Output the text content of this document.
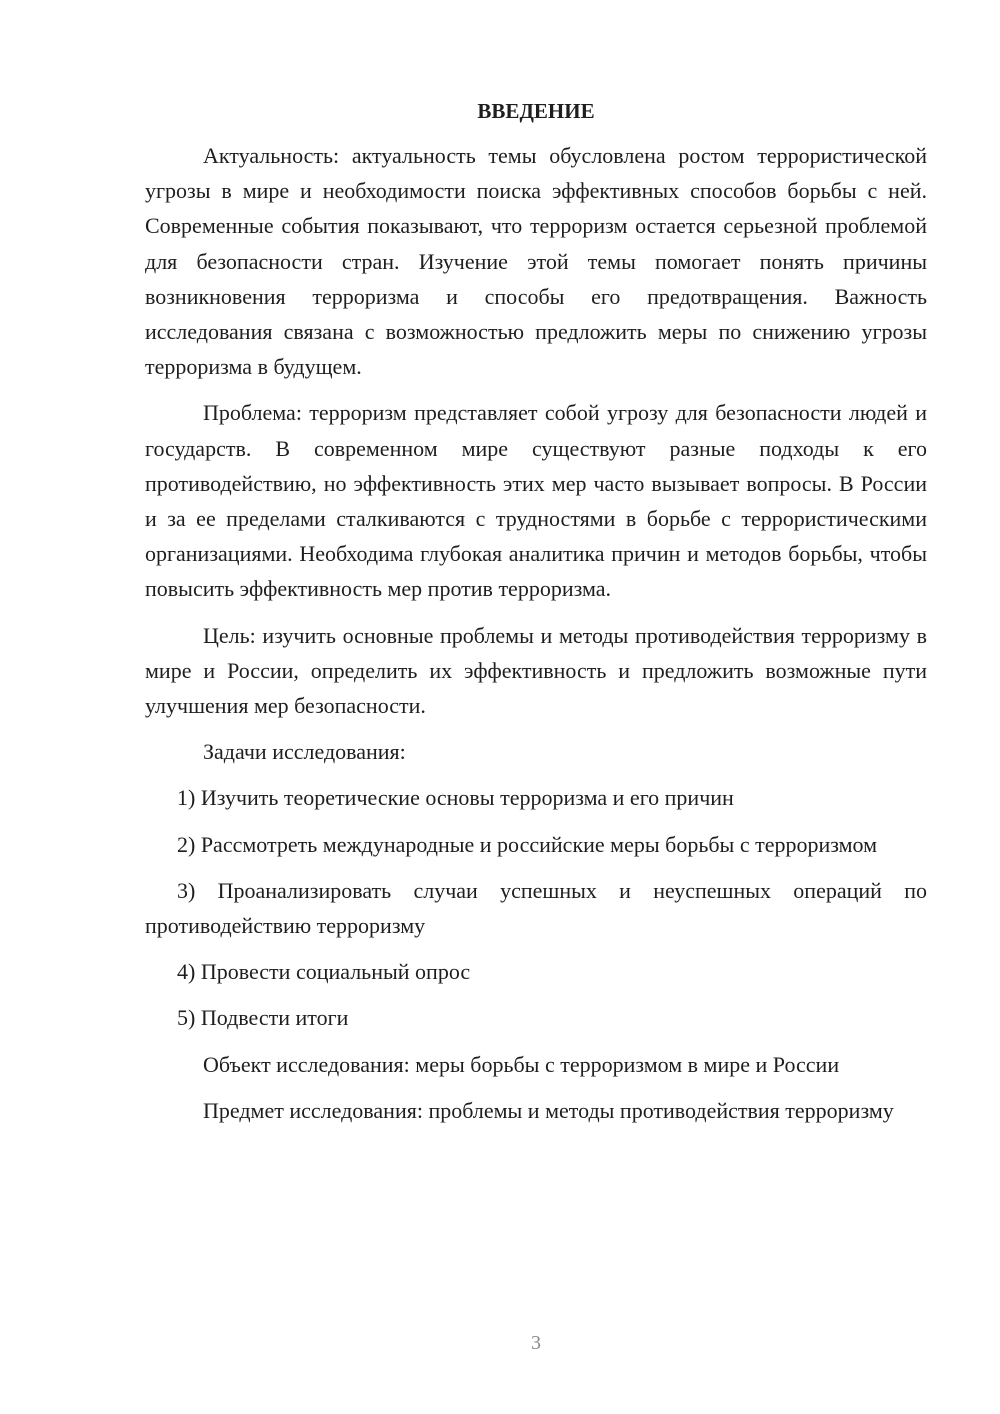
ВВЕДЕНИЕ

Актуальность: актуальность темы обусловлена ростом террористической угрозы в мире и необходимости поиска эффективных способов борьбы с ней. Современные события показывают, что терроризм остается серьезной проблемой для безопасности стран. Изучение этой темы помогает понять причины возникновения терроризма и способы его предотвращения. Важность исследования связана с возможностью предложить меры по снижению угрозы терроризма в будущем.

Проблема: терроризм представляет собой угрозу для безопасности людей и государств. В современном мире существуют разные подходы к его противодействию, но эффективность этих мер часто вызывает вопросы. В России и за ее пределами сталкиваются с трудностями в борьбе с террористическими организациями. Необходима глубокая аналитика причин и методов борьбы, чтобы повысить эффективность мер против терроризма.

Цель: изучить основные проблемы и методы противодействия терроризму в мире и России, определить их эффективность и предложить возможные пути улучшения мер безопасности.

Задачи исследования:

1) Изучить теоретические основы терроризма и его причин

2) Рассмотреть международные и российские меры борьбы с терроризмом

3) Проанализировать случаи успешных и неуспешных операций по противодействию терроризму

4) Провести социальный опрос

5) Подвести итоги

Объект исследования: меры борьбы с терроризмом в мире и России

Предмет исследования: проблемы и методы противодействия терроризму

3
